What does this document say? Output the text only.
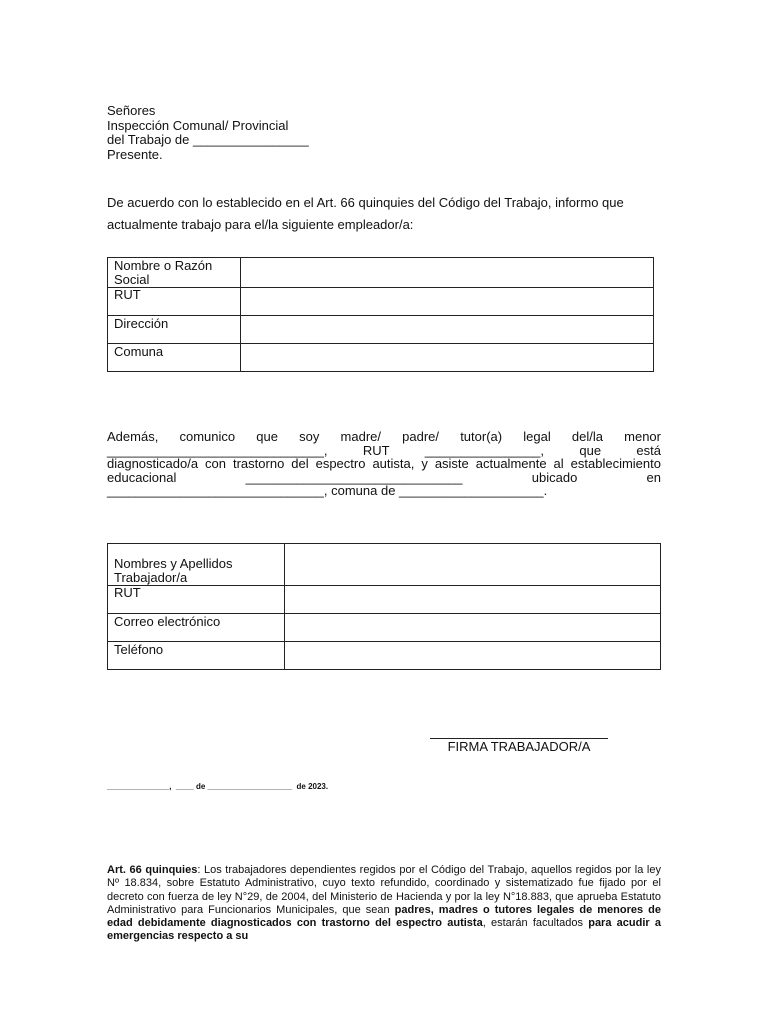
Señores
Inspección Comunal/ Provincial
del Trabajo de ________________
Presente.
De acuerdo con lo establecido en el Art. 66 quinquies del Código del Trabajo, informo que actualmente trabajo para el/la siguiente empleador/a:
Nombre o Razón Social	
RUT	
Dirección	
Comuna	
Además, comunico que soy madre/ padre/ tutor(a) legal del/la menor
______________________________, RUT ________________, que está
diagnosticado/a con trastorno del espectro autista, y asiste actualmente al establecimiento
educacional ______________________________ ubicado en
______________________________, comuna de ____________________.
Nombres y Apellidos Trabajador/a	
RUT	
Correo electrónico	
Teléfono	
FIRMA TRABAJADOR/A
______________,  ____ de ___________________  de 2023.
Art. 66 quinquies: Los trabajadores dependientes regidos por el Código del Trabajo, aquellos regidos por la ley Nº 18.834, sobre Estatuto Administrativo, cuyo texto refundido, coordinado y sistematizado fue fijado por el decreto con fuerza de ley N°29, de 2004, del Ministerio de Hacienda y por la ley N°18.883, que aprueba Estatuto Administrativo para Funcionarios Municipales, que sean padres, madres o tutores legales de menores de edad debidamente diagnosticados con trastorno del espectro autista, estarán facultados para acudir a emergencias respecto a su
